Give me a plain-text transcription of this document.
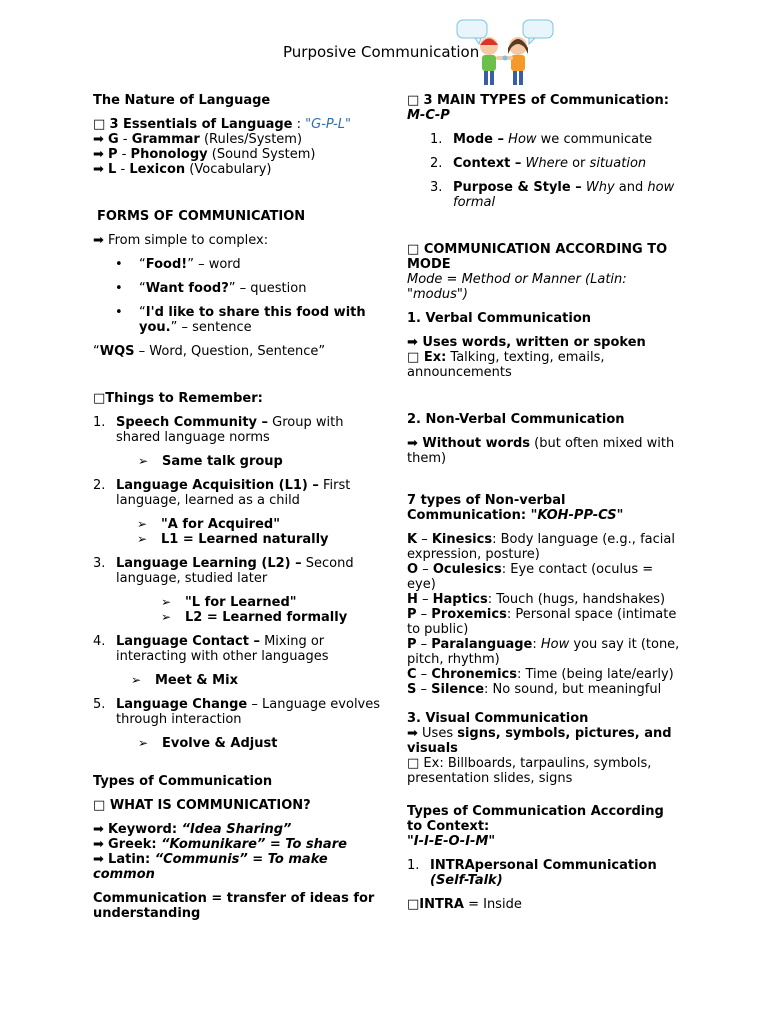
Purposive Communication

The Nature of Language

□ 3 Essentials of Language : "G-P-L"

➡ G - Grammar (Rules/System)
➡ P - Phonology (Sound System)
➡ L - Lexicon (Vocabulary)

FORMS OF COMMUNICATION

➡ From simple to complex:

• “Food!” – word
• “Want food?” – question
• “I'd like to share this food with you.” – sentence

“WQS – Word, Question, Sentence”

□Things to Remember:

1. Speech Community – Group with shared language norms
➢ Same talk group
2. Language Acquisition (L1) – First language, learned as a child
➢ "A for Acquired"
➢ L1 = Learned naturally
3. Language Learning (L2) – Second language, studied later
➢ "L for Learned"
➢ L2 = Learned formally
4. Language Contact – Mixing or interacting with other languages
➢ Meet & Mix
5. Language Change – Language evolves through interaction
➢ Evolve & Adjust

Types of Communication

□ WHAT IS COMMUNICATION?

➡ Keyword: “Idea Sharing”
➡ Greek: “Komunikare” = To share
➡ Latin: “Communis” = To make common

Communication = transfer of ideas for understanding

□ 3 MAIN TYPES of Communication:
M-C-P

1. Mode – How we communicate
2. Context – Where or situation
3. Purpose & Style – Why and how formal

□ COMMUNICATION ACCORDING TO MODE

Mode = Method or Manner (Latin: "modus")

1. Verbal Communication

➡ Uses words, written or spoken

□ Ex: Talking, texting, emails, announcements

2. Non-Verbal Communication

➡ Without words (but often mixed with them)

7 types of Non-verbal Communication: "KOH-PP-CS"

K – Kinesics: Body language (e.g., facial expression, posture)
O – Oculesics: Eye contact (oculus = eye)
H – Haptics: Touch (hugs, handshakes)
P – Proxemics: Personal space (intimate to public)
P – Paralanguage: How you say it (tone, pitch, rhythm)
C – Chronemics: Time (being late/early)
S – Silence: No sound, but meaningful

3. Visual Communication

➡ Uses signs, symbols, pictures, and visuals

□ Ex: Billboards, tarpaulins, symbols, presentation slides, signs

Types of Communication According to Context:
"I-I-E-O-I-M"

1. INTRApersonal Communication
(Self-Talk)

□INTRA = Inside
